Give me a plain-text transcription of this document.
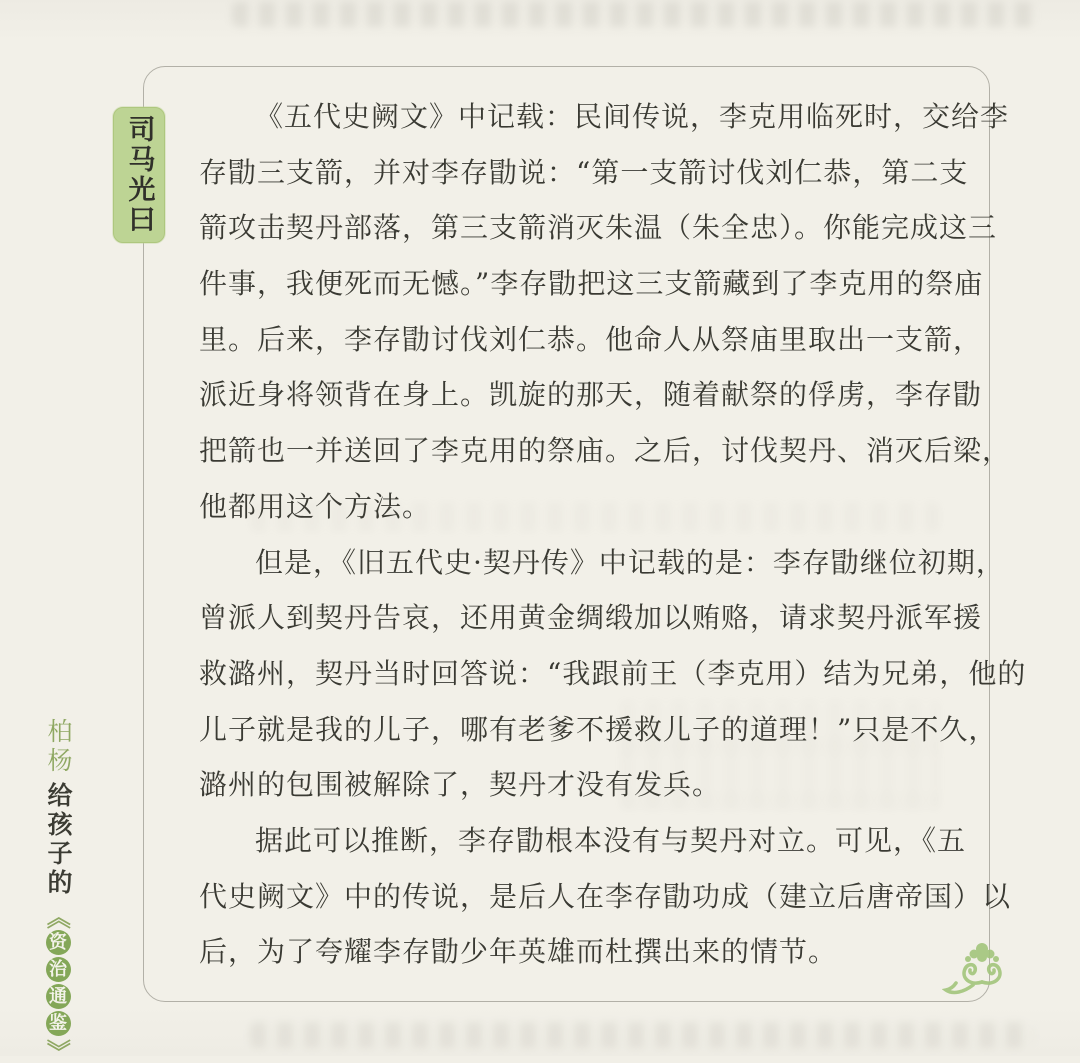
司马光曰	《五代史阙文》中记载：民间传说，李克用临死时，交给李
存勖三支箭，并对李存勖说：“第一支箭讨伐刘仁恭，第二支
箭攻击契丹部落，第三支箭消灭朱温（朱全忠）。你能完成这三
件事，我便死而无憾。”李存勖把这三支箭藏到了李克用的祭庙
里。后来，李存勖讨伐刘仁恭。他命人从祭庙里取出一支箭，
派近身将领背在身上。凯旋的那天，随着献祭的俘虏，李存勖
把箭也一并送回了李克用的祭庙。之后，讨伐契丹、消灭后梁，
他都用这个方法。
但是，《旧五代史·契丹传》中记载的是：李存勖继位初期，
曾派人到契丹告哀，还用黄金绸缎加以贿赂，请求契丹派军援
救潞州，契丹当时回答说：“我跟前王（李克用）结为兄弟，他的
儿子就是我的儿子，哪有老爹不援救儿子的道理！”只是不久，
潞州的包围被解除了，契丹才没有发兵。
据此可以推断，李存勖根本没有与契丹对立。可见，《五
代史阙文》中的传说，是后人在李存勖功成（建立后唐帝国）以
后，为了夸耀李存勖少年英雄而杜撰出来的情节。
柏杨
给孩子的
《
资
治
通
鉴
》
